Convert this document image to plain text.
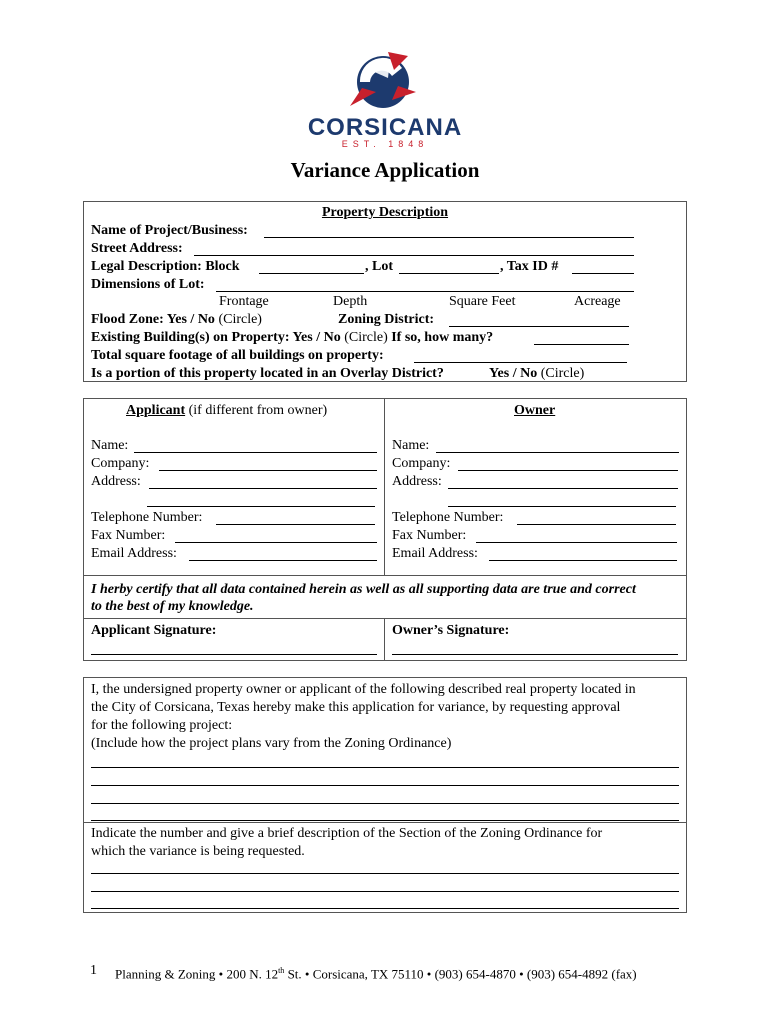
CORSICANA
EST. 1848
Variance Application
Property Description
Name of Project/Business:
Street Address:
Legal Description: Block	, Lot	, Tax ID #
Dimensions of Lot:
Frontage	Depth	Square Feet	Acreage
Flood Zone: Yes / No (Circle)	Zoning District:
Existing Building(s) on Property: Yes / No (Circle) If so, how many?
Total square footage of all buildings on property:
Is a portion of this property located in an Overlay District?	Yes / No (Circle)
Applicant (if different from owner)
Name:
Company:
Address:
Telephone Number:
Fax Number:
Email Address:
Owner
Name:
Company:
Address:
Telephone Number:
Fax Number:
Email Address:
I herby certify that all data contained herein as well as all supporting data are true and correct
to the best of my knowledge.
Applicant Signature:	Owner’s Signature:
I, the undersigned property owner or applicant of the following described real property located in
the City of Corsicana, Texas hereby make this application for variance, by requesting approval
for the following project:
(Include how the project plans vary from the Zoning Ordinance)
Indicate the number and give a brief description of the Section of the Zoning Ordinance for
which the variance is being requested.
1 Planning & Zoning • 200 N. 12th St. • Corsicana, TX 75110 • (903) 654-4870 • (903) 654-4892 (fax)
